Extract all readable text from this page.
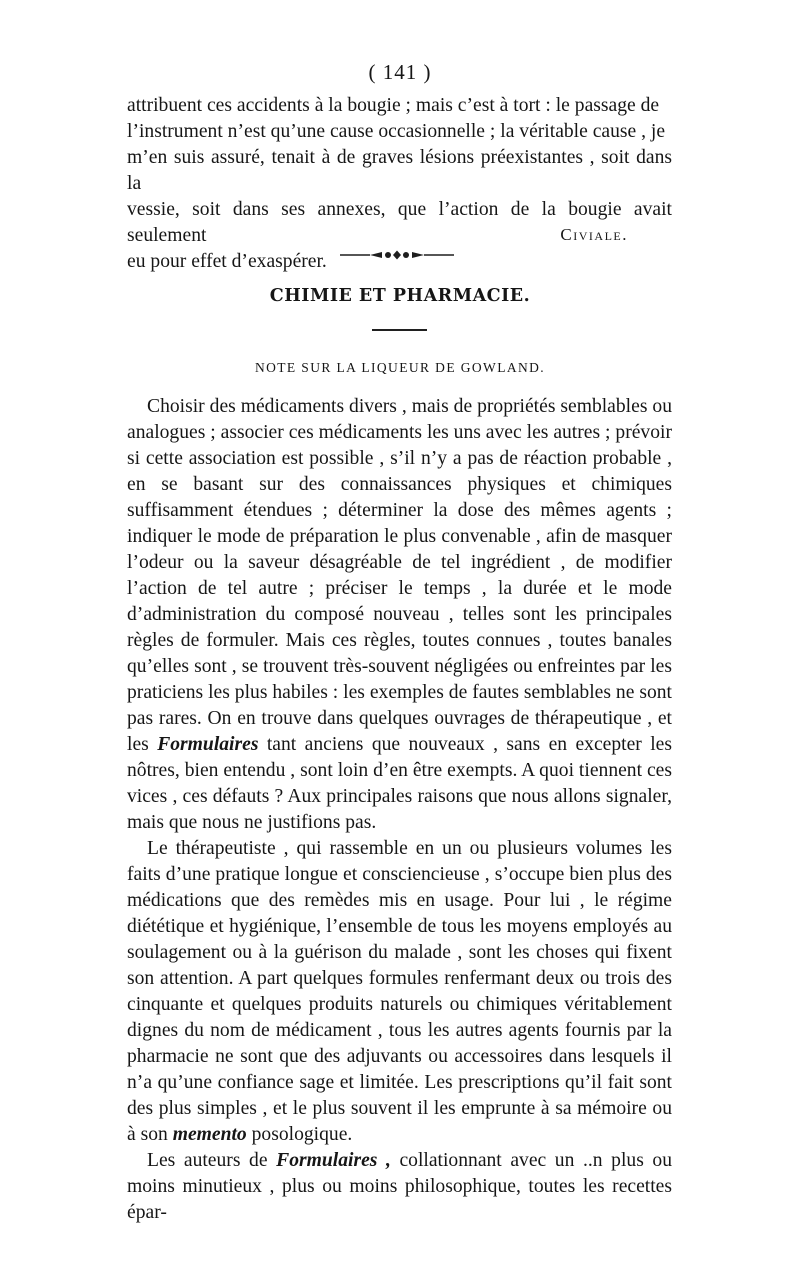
( 141 )

attribuent ces accidents à la bougie ; mais c’est à tort : le passage de

l’instrument n’est qu’une cause occasionnelle ; la véritable cause , je

m’en suis assuré, tenait à de graves lésions préexistantes , soit dans la

vessie, soit dans ses annexes, que l’action de la bougie avait seulement

eu pour effet d’exaspérer.

Civiale.
CHIMIE ET PHARMACIE.
NOTE SUR LA LIQUEUR DE GOWLAND.

Choisir des médicaments divers , mais de propriétés semblables ou analogues ; associer ces médicaments les uns avec les autres ; prévoir si cette association est possible , s’il n’y a pas de réaction probable , en se basant sur des connaissances physiques et chimiques suffisamment étendues ; déterminer la dose des mêmes agents ; indiquer le mode de préparation le plus convenable , afin de masquer l’odeur ou la saveur désagréable de tel ingrédient , de modifier l’action de tel autre ; préciser le temps , la durée et le mode d’administration du composé nouveau , telles sont les principales règles de formuler. Mais ces règles, toutes connues , toutes banales qu’elles sont , se trouvent très-souvent négligées ou enfreintes par les praticiens les plus habiles : les exemples de fautes semblables ne sont pas rares. On en trouve dans quelques ouvrages de thérapeutique , et les Formulaires tant anciens que nouveaux , sans en excepter les nôtres, bien entendu , sont loin d’en être exempts. A quoi tiennent ces vices , ces défauts ? Aux principales raisons que nous allons signaler, mais que nous ne justifions pas.

Le thérapeutiste , qui rassemble en un ou plusieurs volumes les faits d’une pratique longue et consciencieuse , s’occupe bien plus des médications que des remèdes mis en usage. Pour lui , le régime diététique et hygiénique, l’ensemble de tous les moyens employés au soulagement ou à la guérison du malade , sont les choses qui fixent son attention. A part quelques formules renfermant deux ou trois des cinquante et quelques produits naturels ou chimiques véritablement dignes du nom de médicament , tous les autres agents fournis par la pharmacie ne sont que des adjuvants ou accessoires dans lesquels il n’a qu’une confiance sage et limitée. Les prescriptions qu’il fait sont des plus simples , et le plus souvent il les emprunte à sa mémoire ou à son memento posologique.

Les auteurs de Formulaires , collationnant avec un ..n plus ou moins minutieux , plus ou moins philosophique, toutes les recettes épar-
